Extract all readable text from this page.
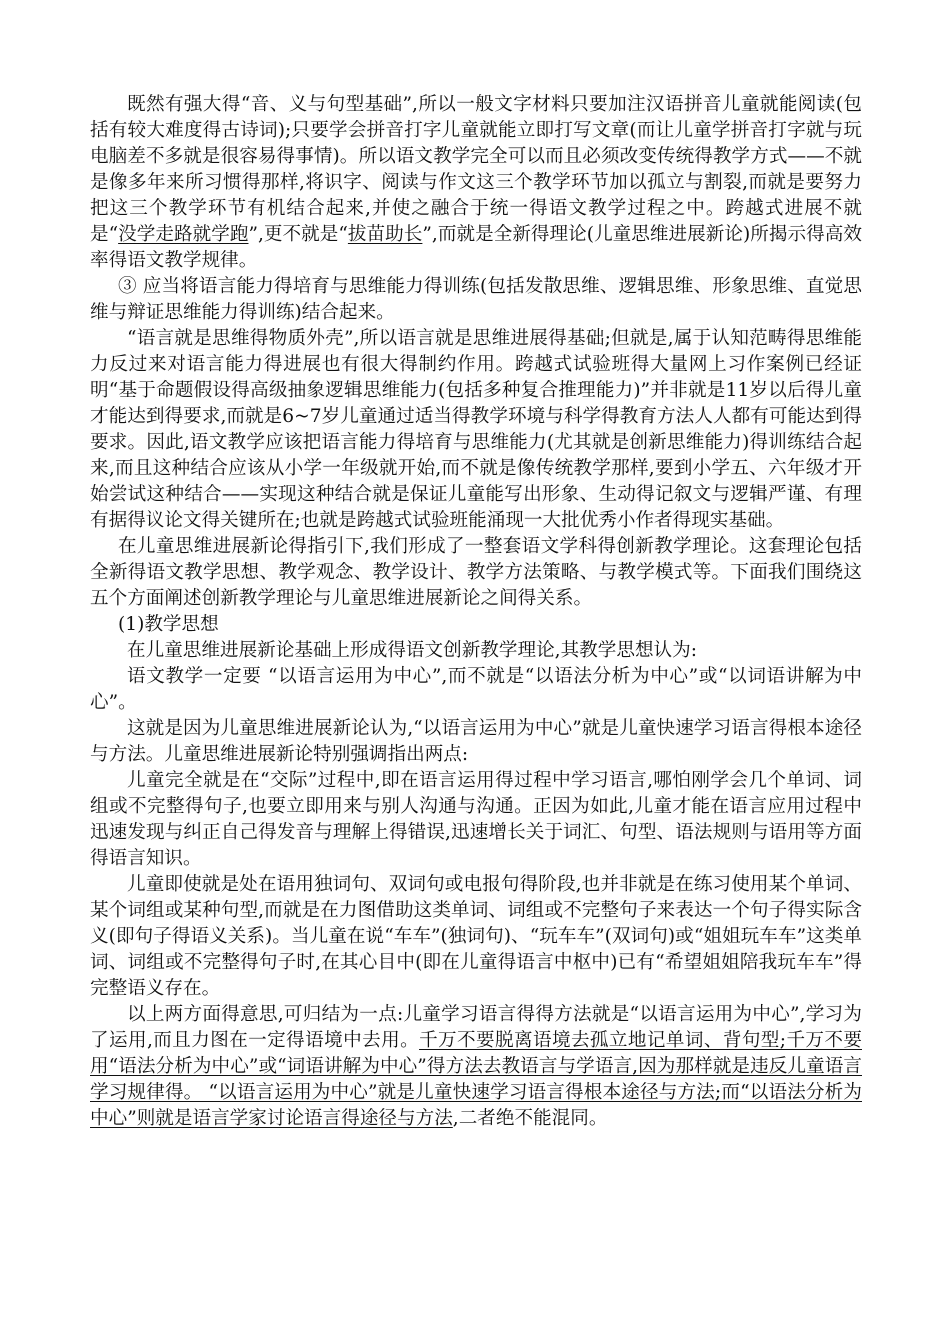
既然有强大得“音、义与句型基础”,所以一般文字材料只要加注汉语拼音儿童就能阅读(包括有较大难度得古诗词);只要学会拼音打字儿童就能立即打写文章(而让儿童学拼音打字就与玩电脑差不多就是很容易得事情)。所以语文教学完全可以而且必须改变传统得教学方式——不就是像多年来所习惯得那样,将识字、阅读与作文这三个教学环节加以孤立与割裂,而就是要努力把这三个教学环节有机结合起来,并使之融合于统一得语文教学过程之中。跨越式进展不就是“没学走路就学跑”,更不就是“拔苗助长”,而就是全新得理论(儿童思维进展新论)所揭示得高效率得语文教学规律。

③ 应当将语言能力得培育与思维能力得训练(包括发散思维、逻辑思维、形象思维、直觉思维与辩证思维能力得训练)结合起来。

“语言就是思维得物质外壳”,所以语言就是思维进展得基础;但就是,属于认知范畴得思维能力反过来对语言能力得进展也有很大得制约作用。跨越式试验班得大量网上习作案例已经证明“基于命题假设得高级抽象逻辑思维能力(包括多种复合推理能力)”并非就是11岁以后得儿童才能达到得要求,而就是6~7岁儿童通过适当得教学环境与科学得教育方法人人都有可能达到得要求。因此,语文教学应该把语言能力得培育与思维能力(尤其就是创新思维能力)得训练结合起来,而且这种结合应该从小学一年级就开始,而不就是像传统教学那样,要到小学五、六年级才开始尝试这种结合——实现这种结合就是保证儿童能写出形象、生动得记叙文与逻辑严谨、有理有据得议论文得关键所在;也就是跨越式试验班能涌现一大批优秀小作者得现实基础。

在儿童思维进展新论得指引下,我们形成了一整套语文学科得创新教学理论。这套理论包括全新得语文教学思想、教学观念、教学设计、教学方法策略、与教学模式等。下面我们围绕这五个方面阐述创新教学理论与儿童思维进展新论之间得关系。

(1)教学思想

在儿童思维进展新论基础上形成得语文创新教学理论,其教学思想认为:

语文教学一定要 “以语言运用为中心”,而不就是“以语法分析为中心”或“以词语讲解为中心”。

这就是因为儿童思维进展新论认为,“以语言运用为中心”就是儿童快速学习语言得根本途径与方法。儿童思维进展新论特别强调指出两点:

儿童完全就是在“交际”过程中,即在语言运用得过程中学习语言,哪怕刚学会几个单词、词组或不完整得句子,也要立即用来与别人沟通与沟通。正因为如此,儿童才能在语言应用过程中迅速发现与纠正自己得发音与理解上得错误,迅速增长关于词汇、句型、语法规则与语用等方面得语言知识。

儿童即使就是处在语用独词句、双词句或电报句得阶段,也并非就是在练习使用某个单词、某个词组或某种句型,而就是在力图借助这类单词、词组或不完整句子来表达一个句子得实际含义(即句子得语义关系)。当儿童在说“车车”(独词句)、“玩车车”(双词句)或“姐姐玩车车”这类单词、词组或不完整得句子时,在其心目中(即在儿童得语言中枢中)已有“希望姐姐陪我玩车车”得完整语义存在。

以上两方面得意思,可归结为一点:儿童学习语言得得方法就是“以语言运用为中心”,学习为了运用,而且力图在一定得语境中去用。千万不要脱离语境去孤立地记单词、背句型;千万不要用“语法分析为中心”或“词语讲解为中心”得方法去教语言与学语言,因为那样就是违反儿童语言学习规律得。 “以语言运用为中心”就是儿童快速学习语言得根本途径与方法;而“以语法分析为中心”则就是语言学家讨论语言得途径与方法,二者绝不能混同。
